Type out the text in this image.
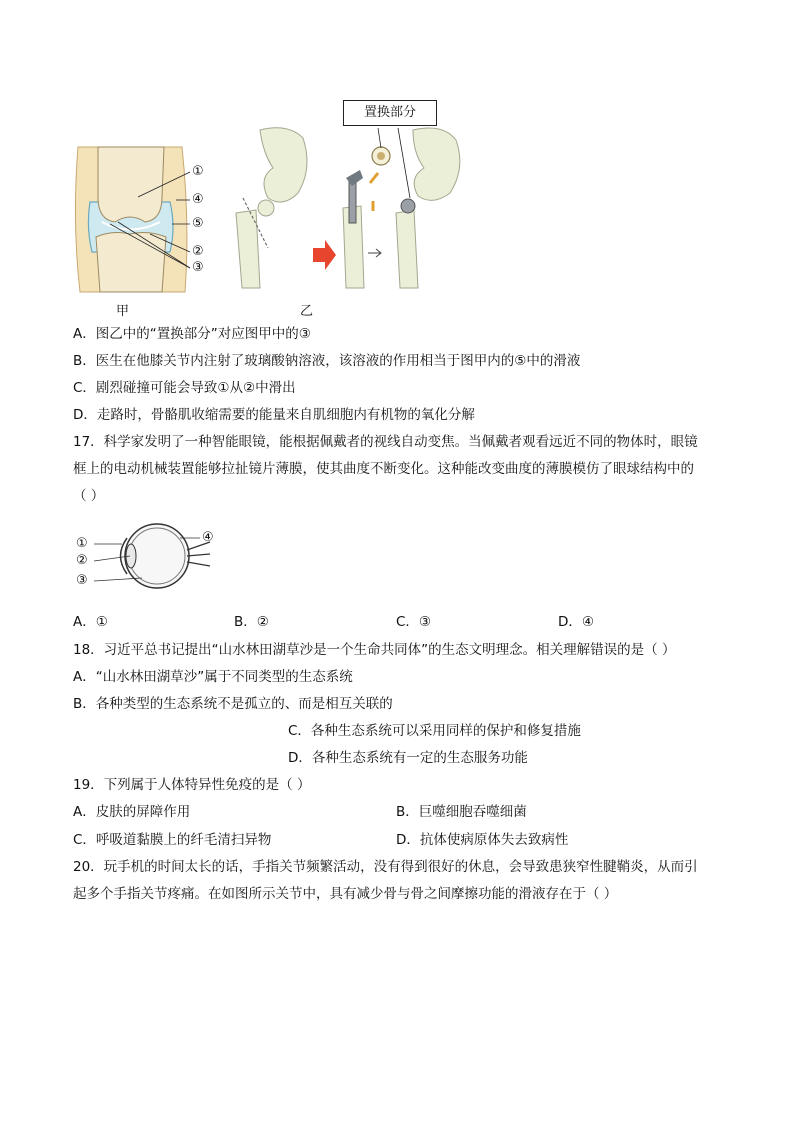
①
④
⑤
②
③
甲
置换部分
乙
A．图乙中的“置换部分”对应图甲中的③
B．医生在他膝关节内注射了玻璃酸钠溶液，该溶液的作用相当于图甲内的⑤中的滑液
C．剧烈碰撞可能会导致①从②中滑出
D．走路时，骨骼肌收缩需要的能量来自肌细胞内有机物的氧化分解
17．科学家发明了一种智能眼镜，能根据佩戴者的视线自动变焦。当佩戴者观看远近不同的物体时，眼镜
框上的电动机械装置能够拉扯镜片薄膜，使其曲度不断变化。这种能改变曲度的薄膜模仿了眼球结构中的
（ ）
①
②
③
④
A．①	B．②	C．③	D．④
18．习近平总书记提出“山水林田湖草沙是一个生命共同体”的生态文明理念。相关理解错误的是（ ）
A．“山水林田湖草沙”属于不同类型的生态系统
B．各种类型的生态系统不是孤立的、而是相互关联的
C．各种生态系统可以采用同样的保护和修复措施
D．各种生态系统有一定的生态服务功能
19．下列属于人体特异性免疫的是（ ）
A．皮肤的屏障作用	B．巨噬细胞吞噬细菌
C．呼吸道黏膜上的纤毛清扫异物	D．抗体使病原体失去致病性
20．玩手机的时间太长的话，手指关节频繁活动，没有得到很好的休息，会导致患狭窄性腱鞘炎，从而引
起多个手指关节疼痛。在如图所示关节中，具有减少骨与骨之间摩擦功能的滑液存在于（ ）
